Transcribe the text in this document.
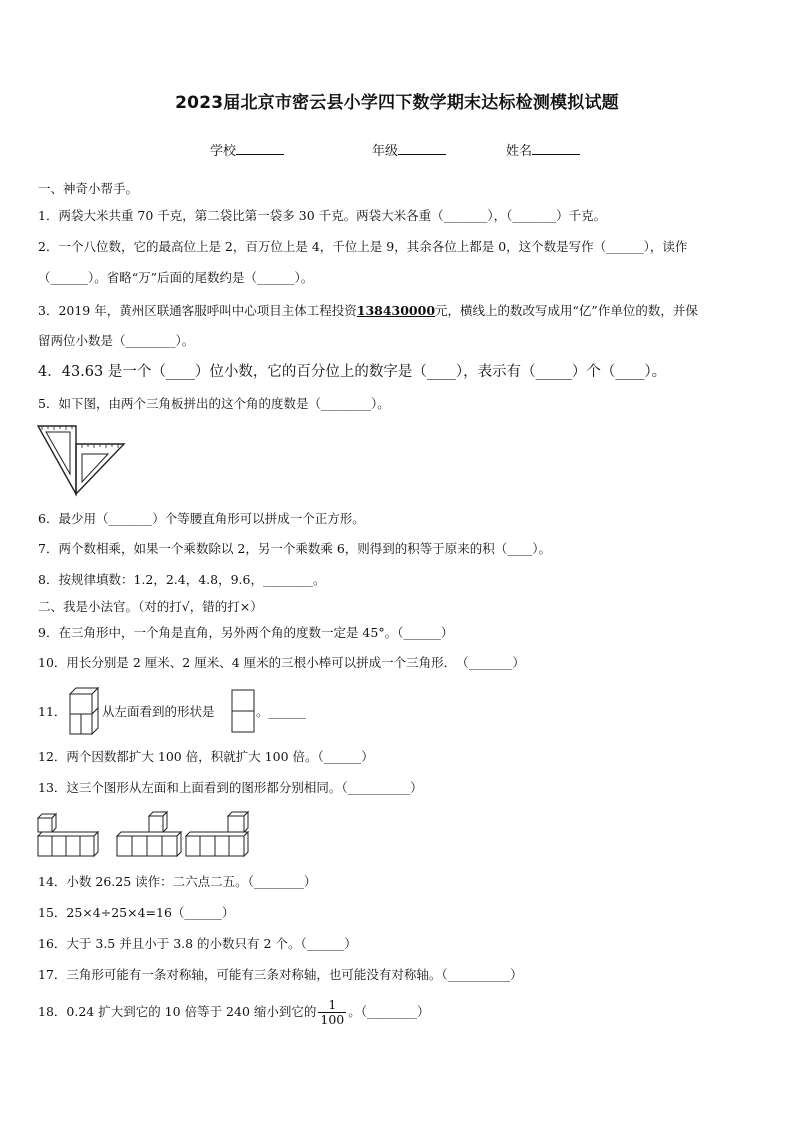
2023届北京市密云县小学四下数学期末达标检测模拟试题
学校	年级	姓名
一、神奇小帮手。
1．两袋大米共重 70 千克，第二袋比第一袋多 30 千克。两袋大米各重（_______），（_______）千克。
2．一个八位数，它的最高位上是 2，百万位上是 4，千位上是 9，其余各位上都是 0，这个数是写作（______），读作
（______）。省略“万”后面的尾数约是（______）。
3．2019 年，黄州区联通客服呼叫中心项目主体工程投资138430000元，横线上的数改写成用“亿”作单位的数，并保
留两位小数是（________）。
4．43.63 是一个（____）位小数，它的百分位上的数字是（____），表示有（_____）个（____）。
5．如下图，由两个三角板拼出的这个角的度数是（________）。
6．最少用（_______）个等腰直角形可以拼成一个正方形。
7．两个数相乘，如果一个乘数除以 2，另一个乘数乘 6，则得到的积等于原来的积（____）。
8．按规律填数：1.2，2.4，4.8，9.6，________。
二、我是小法官。（对的打√，错的打×）
9．在三角形中，一个角是直角，另外两个角的度数一定是 45°。（______）
10．用长分别是 2 厘米、2 厘米、4 厘米的三根小棒可以拼成一个三角形．　（_______）
11．	从左面看到的形状是	。______
12．两个因数都扩大 100 倍，积就扩大 100 倍。（______）
13．这三个图形从左面和上面看到的图形都分别相同。（__________）
14．小数 26.25 读作：二六点二五。（________）
15．25×4÷25×4=16（______）
16．大于 3.5 并且小于 3.8 的小数只有 2 个。（______）
17．三角形可能有一条对称轴，可能有三条对称轴，也可能没有对称轴。（__________）
18．0.24 扩大到它的 10 倍等于 240 缩小到它的 $\frac{1}{100}$ 。（________）
